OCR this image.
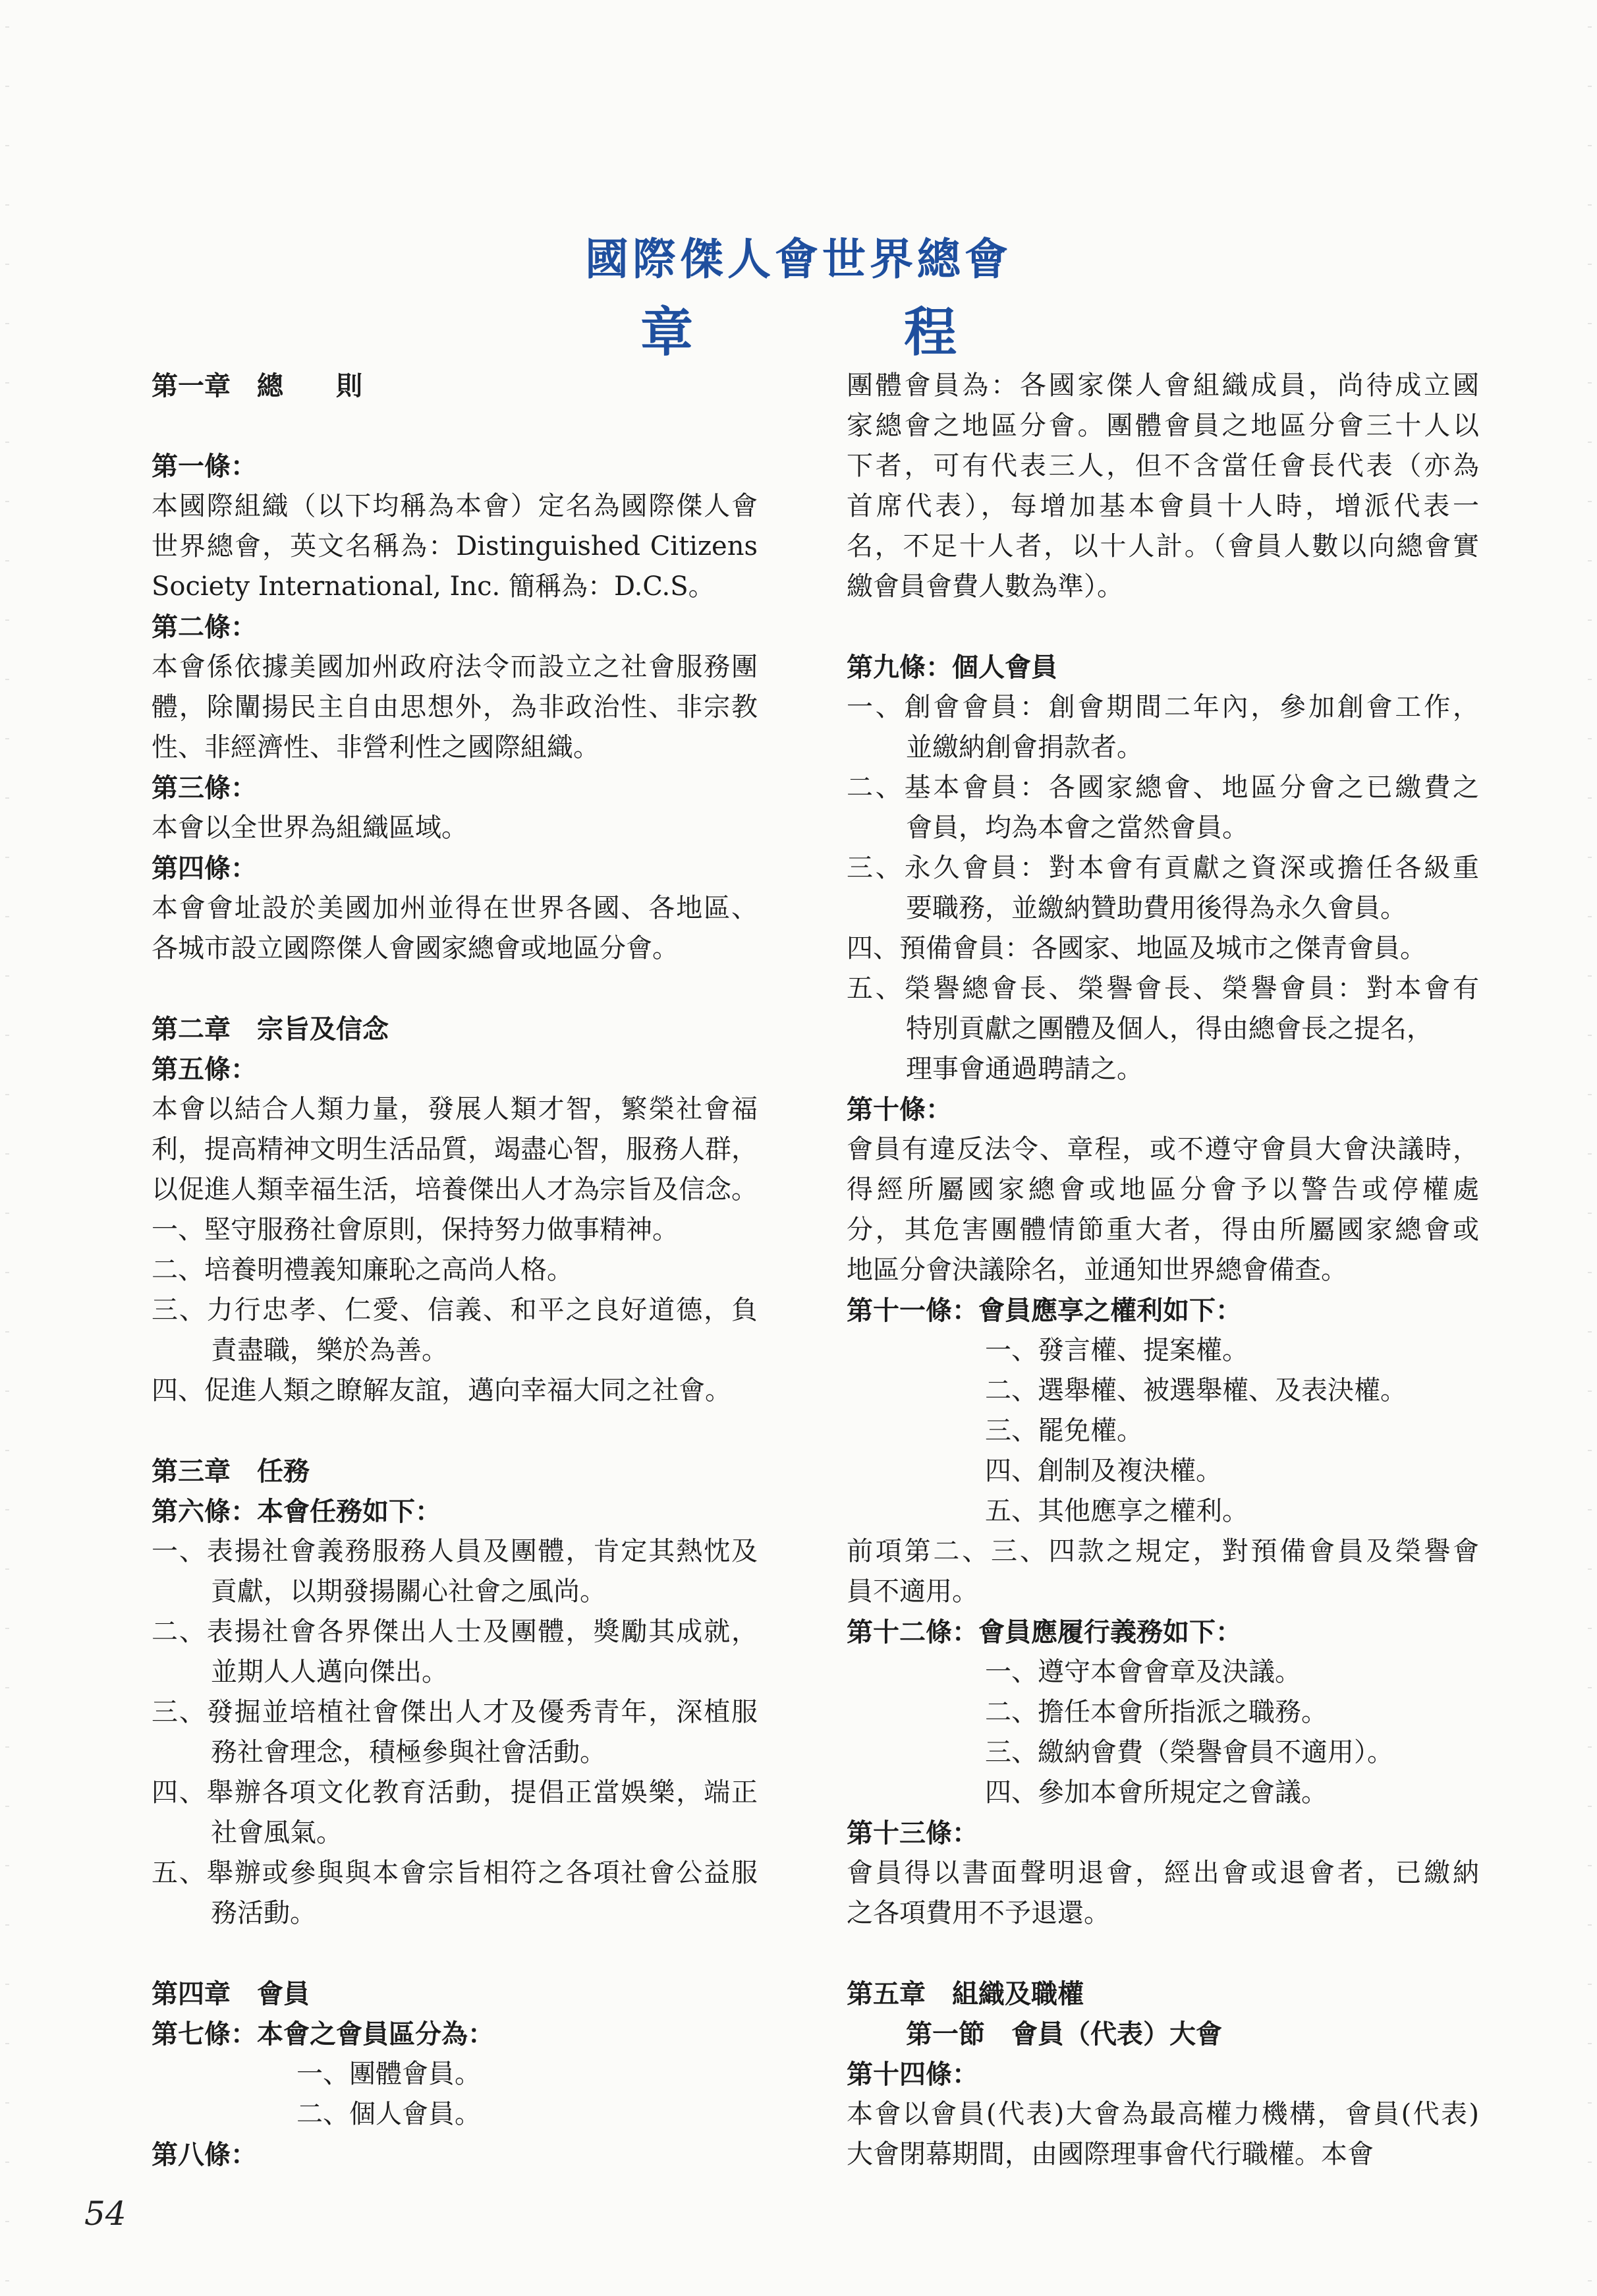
國際傑人會世界總會
章　程
第一章　總　　則
第一條：
本國際組織（以下均稱為本會）定名為國際傑人會
世界總會，英文名稱為：Distinguished Citizens
Society International, Inc. 簡稱為：D.C.S。
第二條：
本會係依據美國加州政府法令而設立之社會服務團
體，除闡揚民主自由思想外，為非政治性、非宗教
性、非經濟性、非營利性之國際組織。
第三條：
本會以全世界為組織區域。
第四條：
本會會址設於美國加州並得在世界各國、各地區、
各城市設立國際傑人會國家總會或地區分會。
第二章　宗旨及信念
第五條：
本會以結合人類力量，發展人類才智，繁榮社會福
利，提高精神文明生活品質，竭盡心智，服務人群，
以促進人類幸福生活，培養傑出人才為宗旨及信念。
一、堅守服務社會原則，保持努力做事精神。
二、培養明禮義知廉恥之高尚人格。
三、力行忠孝、仁愛、信義、和平之良好道德，負
責盡職，樂於為善。
四、促進人類之瞭解友誼，邁向幸福大同之社會。
第三章　任務
第六條：本會任務如下：
一、表揚社會義務服務人員及團體，肯定其熱忱及
貢獻，以期發揚關心社會之風尚。
二、表揚社會各界傑出人士及團體，獎勵其成就，
並期人人邁向傑出。
三、發掘並培植社會傑出人才及優秀青年，深植服
務社會理念，積極參與社會活動。
四、舉辦各項文化教育活動，提倡正當娛樂，端正
社會風氣。
五、舉辦或參與與本會宗旨相符之各項社會公益服
務活動。
第四章　會員
第七條：本會之會員區分為：
一、團體會員。
二、個人會員。
第八條：
團體會員為：各國家傑人會組織成員，尚待成立國
家總會之地區分會。團體會員之地區分會三十人以
下者，可有代表三人，但不含當任會長代表（亦為
首席代表），每增加基本會員十人時，增派代表一
名，不足十人者，以十人計。（會員人數以向總會實
繳會員會費人數為準）。
第九條：個人會員
一、創會會員：創會期間二年內，參加創會工作，
並繳納創會捐款者。
二、基本會員：各國家總會、地區分會之已繳費之
會員，均為本會之當然會員。
三、永久會員：對本會有貢獻之資深或擔任各級重
要職務，並繳納贊助費用後得為永久會員。
四、預備會員：各國家、地區及城市之傑青會員。
五、榮譽總會長、榮譽會長、榮譽會員：對本會有
特別貢獻之團體及個人，得由總會長之提名，
理事會通過聘請之。
第十條：
會員有違反法令、章程，或不遵守會員大會決議時，
得經所屬國家總會或地區分會予以警告或停權處
分，其危害團體情節重大者，得由所屬國家總會或
地區分會決議除名，並通知世界總會備查。
第十一條：會員應享之權利如下：
一、發言權、提案權。
二、選舉權、被選舉權、及表決權。
三、罷免權。
四、創制及複決權。
五、其他應享之權利。
前項第二、三、四款之規定，對預備會員及榮譽會
員不適用。
第十二條：會員應履行義務如下：
一、遵守本會會章及決議。
二、擔任本會所指派之職務。
三、繳納會費（榮譽會員不適用）。
四、參加本會所規定之會議。
第十三條：
會員得以書面聲明退會，經出會或退會者，已繳納
之各項費用不予退還。
第五章　組織及職權
第一節　會員（代表）大會
第十四條：
本會以會員(代表)大會為最高權力機構，會員(代表)
大會閉幕期間，由國際理事會代行職權。本會
54
